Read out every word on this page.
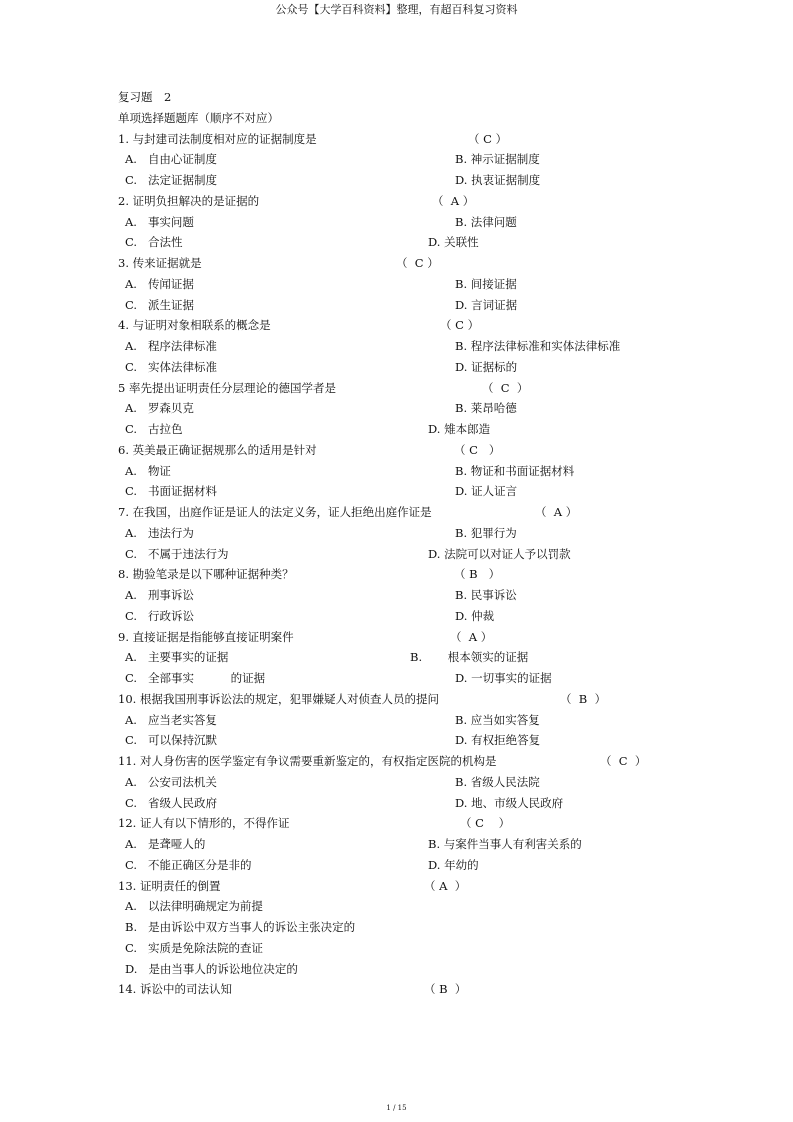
公众号【大学百科资料】整理，有超百科复习资料
复习题　2
单项选择题题库（顺序不对应）
1. 与封建司法制度相对应的证据制度是	（ C ）
A. 自由心证制度	B. 神示证据制度
C. 法定证据制度	D. 执衷证据制度
2. 证明负担解决的是证据的	（  A ）
A. 事实问题	B. 法律问题
C. 合法性	D. 关联性
3. 传来证据就是	（  C ）
A. 传闻证据	B. 间接证据
C. 派生证据	D. 言词证据
4. 与证明对象相联系的概念是	（ C ）
A. 程序法律标准	B. 程序法律标准和实体法律标准
C. 实体法律标准	D. 证据标的
5 率先提出证明责任分层理论的德国学者是	（  C  ）
A. 罗森贝克	B. 莱昂哈德
C. 古拉色	D. 雉本郎造
6. 英美最正确证据规那么的适用是针对	（ C   ）
A. 物证	B. 物证和书面证据材料
C. 书面证据材料	D. 证人证言
7. 在我国，出庭作证是证人的法定义务，证人拒绝出庭作证是	（  A ）
A. 违法行为	B. 犯罪行为
C. 不属于违法行为	D. 法院可以对证人予以罚款
8. 勘验笔录是以下哪种证据种类？	（ B   ）
A. 刑事诉讼	B. 民事诉讼
C. 行政诉讼	D. 仲裁
9. 直接证据是指能够直接证明案件	（  A ）
A. 主要事实的证据	B. 根本领实的证据
C. 全部事实          的证据	D. 一切事实的证据
10. 根据我国刑事诉讼法的规定，犯罪嫌疑人对侦查人员的提问	（  B  ）
A. 应当老实答复	B. 应当如实答复
C. 可以保持沉默	D. 有权拒绝答复
11. 对人身伤害的医学鉴定有争议需要重新鉴定的，有权指定医院的机构是	（  C  ）
A. 公安司法机关	B. 省级人民法院
C. 省级人民政府	D. 地、市级人民政府
12. 证人有以下情形的，不得作证	（ C    ）
A. 是聋哑人的	B. 与案件当事人有利害关系的
C. 不能正确区分是非的	D. 年幼的
13. 证明责任的倒置	（ A  ）
A. 以法律明确规定为前提
B. 是由诉讼中双方当事人的诉讼主张决定的
C. 实质是免除法院的查证
D. 是由当事人的诉讼地位决定的
14. 诉讼中的司法认知	（ B  ）
1 / 15
